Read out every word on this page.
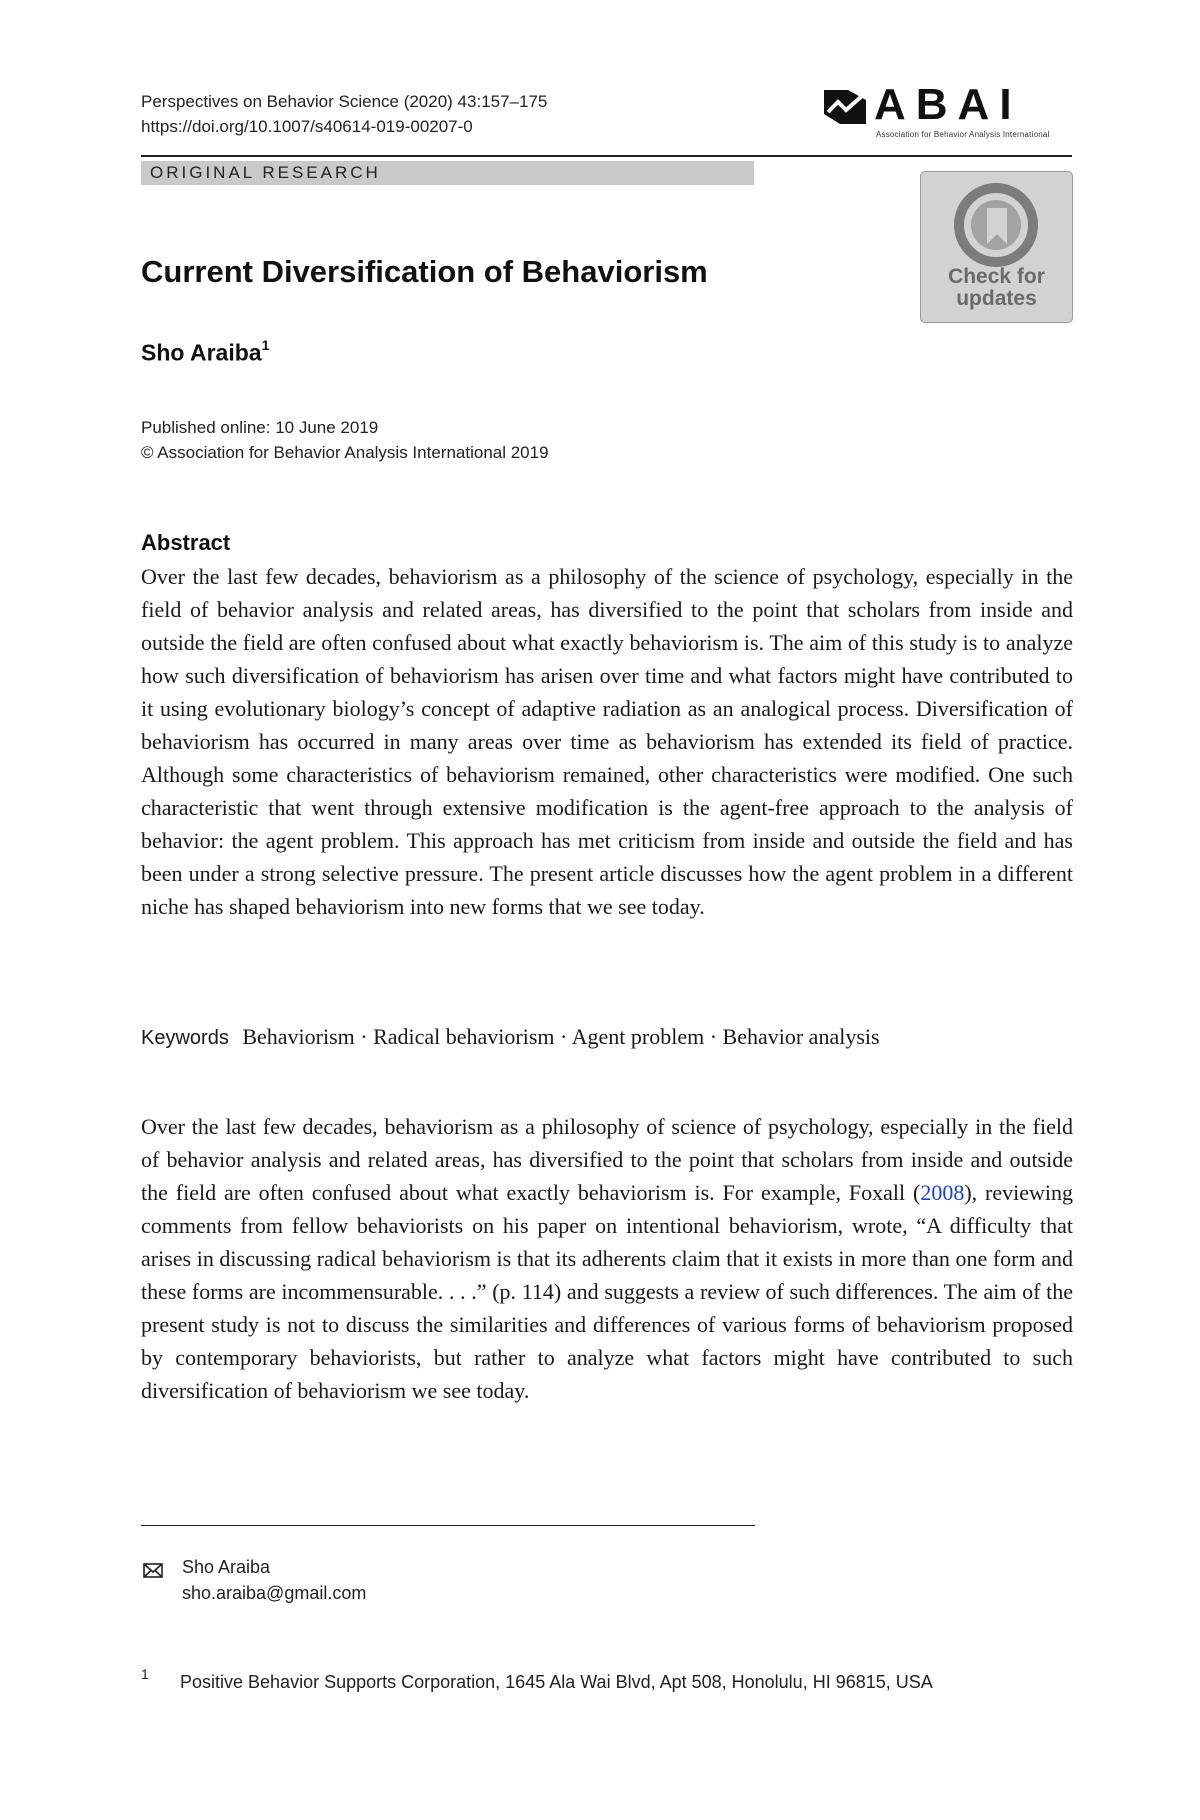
Perspectives on Behavior Science (2020) 43:157–175
https://doi.org/10.1007/s40614-019-00207-0	ABAI
Association for Behavior Analysis International
ORIGINAL RESEARCH
Check for
updates
Current Diversification of Behaviorism
Sho Araiba$^1$
Published online: 10 June 2019
© Association for Behavior Analysis International 2019
Abstract

Over the last few decades, behaviorism as a philosophy of the science of psychology, especially in the field of behavior analysis and related areas, has diversified to the point that scholars from inside and outside the field are often confused about what exactly behaviorism is. The aim of this study is to analyze how such diversification of behaviorism has arisen over time and what factors might have contributed to it using evolutionary biology’s concept of adaptive radiation as an analogical process. Diversification of behaviorism has occurred in many areas over time as behaviorism has extended its field of practice. Although some characteristics of behaviorism remained, other characteristics were modified. One such characteristic that went through extensive modification is the agent-free approach to the analysis of behavior: the agent problem. This approach has met criticism from inside and outside the field and has been under a strong selective pressure. The present article discusses how the agent problem in a different niche has shaped behaviorism into new forms that we see today.

Keywords Behaviorism · Radical behaviorism · Agent problem · Behavior analysis

Over the last few decades, behaviorism as a philosophy of science of psychology, especially in the field of behavior analysis and related areas, has diversified to the point that scholars from inside and outside the field are often confused about what exactly behaviorism is. For example, Foxall (2008), reviewing comments from fellow behaviorists on his paper on intentional behaviorism, wrote, “A difficulty that arises in discussing radical behaviorism is that its adherents claim that it exists in more than one form and these forms are incommensurable. . . .” (p. 114) and suggests a review of such differences. The aim of the present study is not to discuss the similarities and differences of various forms of behaviorism proposed by contemporary behaviorists, but rather to analyze what factors might have contributed to such diversification of behaviorism we see today.

Sho Araiba
sho.araiba@gmail.com
1 Positive Behavior Supports Corporation, 1645 Ala Wai Blvd, Apt 508, Honolulu, HI 96815, USA
